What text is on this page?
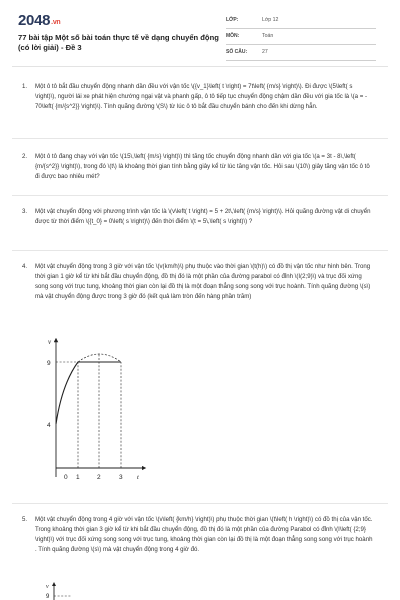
2048.vn
77 bài tập Một số bài toán thực tế về dạng chuyển động (có lời giải) - Đề 3
LỚP:	Lớp 12
MÔN:	Toán
SỐ CÂU:	27
1. Một ô tô bắt đầu chuyển động nhanh dần đều với vận tốc \({v_1}\left( t \right) = 7t\left( {m/s} \right)\). Đi được \(5\left( s \right)\), người lái xe phát hiện chướng ngại vật và phanh gấp, ô tô tiếp tục chuyển động chậm dần đều với gia tốc là \(a = - 70\left( {m/{s^2}} \right)\). Tính quãng đường \(S\) từ lúc ô tô bắt đầu chuyển bánh cho đến khi dừng hẳn.
2. Một ô tô đang chạy với vận tốc \(15\,\left( {m/s} \right)\) thì tăng tốc chuyển động nhanh dần với gia tốc \(a = 3t - 8\,\left( {m/{s^2}} \right)\), trong đó \(t\) là khoảng thời gian tính bằng giây kể từ lúc tăng vận tốc. Hỏi sau \(10\) giây tăng vận tốc ô tô đi được bao nhiêu mét?
3. Một vật chuyển động với phương trình vận tốc là \(v\left( t \right) = 5 + 2t\,\left( {m/s} \right)\). Hỏi quãng đường vật di chuyển được từ thời điểm \({t_0} = 0\left( s \right)\) đến thời điểm \(t = 5\,\left( s \right)\) ?
4. Một vật chuyển động trong 3 giờ với vận tốc \(v(km/h)\) phụ thuộc vào thời gian \(t(h)\) có đồ thị vận tốc như hình bên. Trong thời gian 1 giờ kể từ khi bắt đầu chuyển động, đồ thị đó là một phần của đường parabol có đỉnh \(I(2;9)\) và trục đối xứng song song với trục tung, khoảng thời gian còn lại đồ thị là một đoạn thẳng song song với trục hoành. Tính quãng đường \(s\) mà vật chuyển động được trong 3 giờ đó (kết quả làm tròn đến hàng phần trăm)
v
9
4
0 1	2	3 t
5. Một vật chuyển động trong 4 giờ với vận tốc \(v\left( {km/h} \right)\) phụ thuộc thời gian \(t\left( h \right)\) có đồ thị của vận tốc. Trong khoảng thời gian 3 giờ kể từ khi bắt đầu chuyển động, đồ thị đó là một phần của đường Parabol có đỉnh \(I\left( {2;9} \right)\) với trục đối xứng song song với trục tung, khoảng thời gian còn lại đồ thị là một đoạn thẳng song song với trục hoành . Tính quãng đường \(s\) mà vật chuyển động trong 4 giờ đó.
v
9
